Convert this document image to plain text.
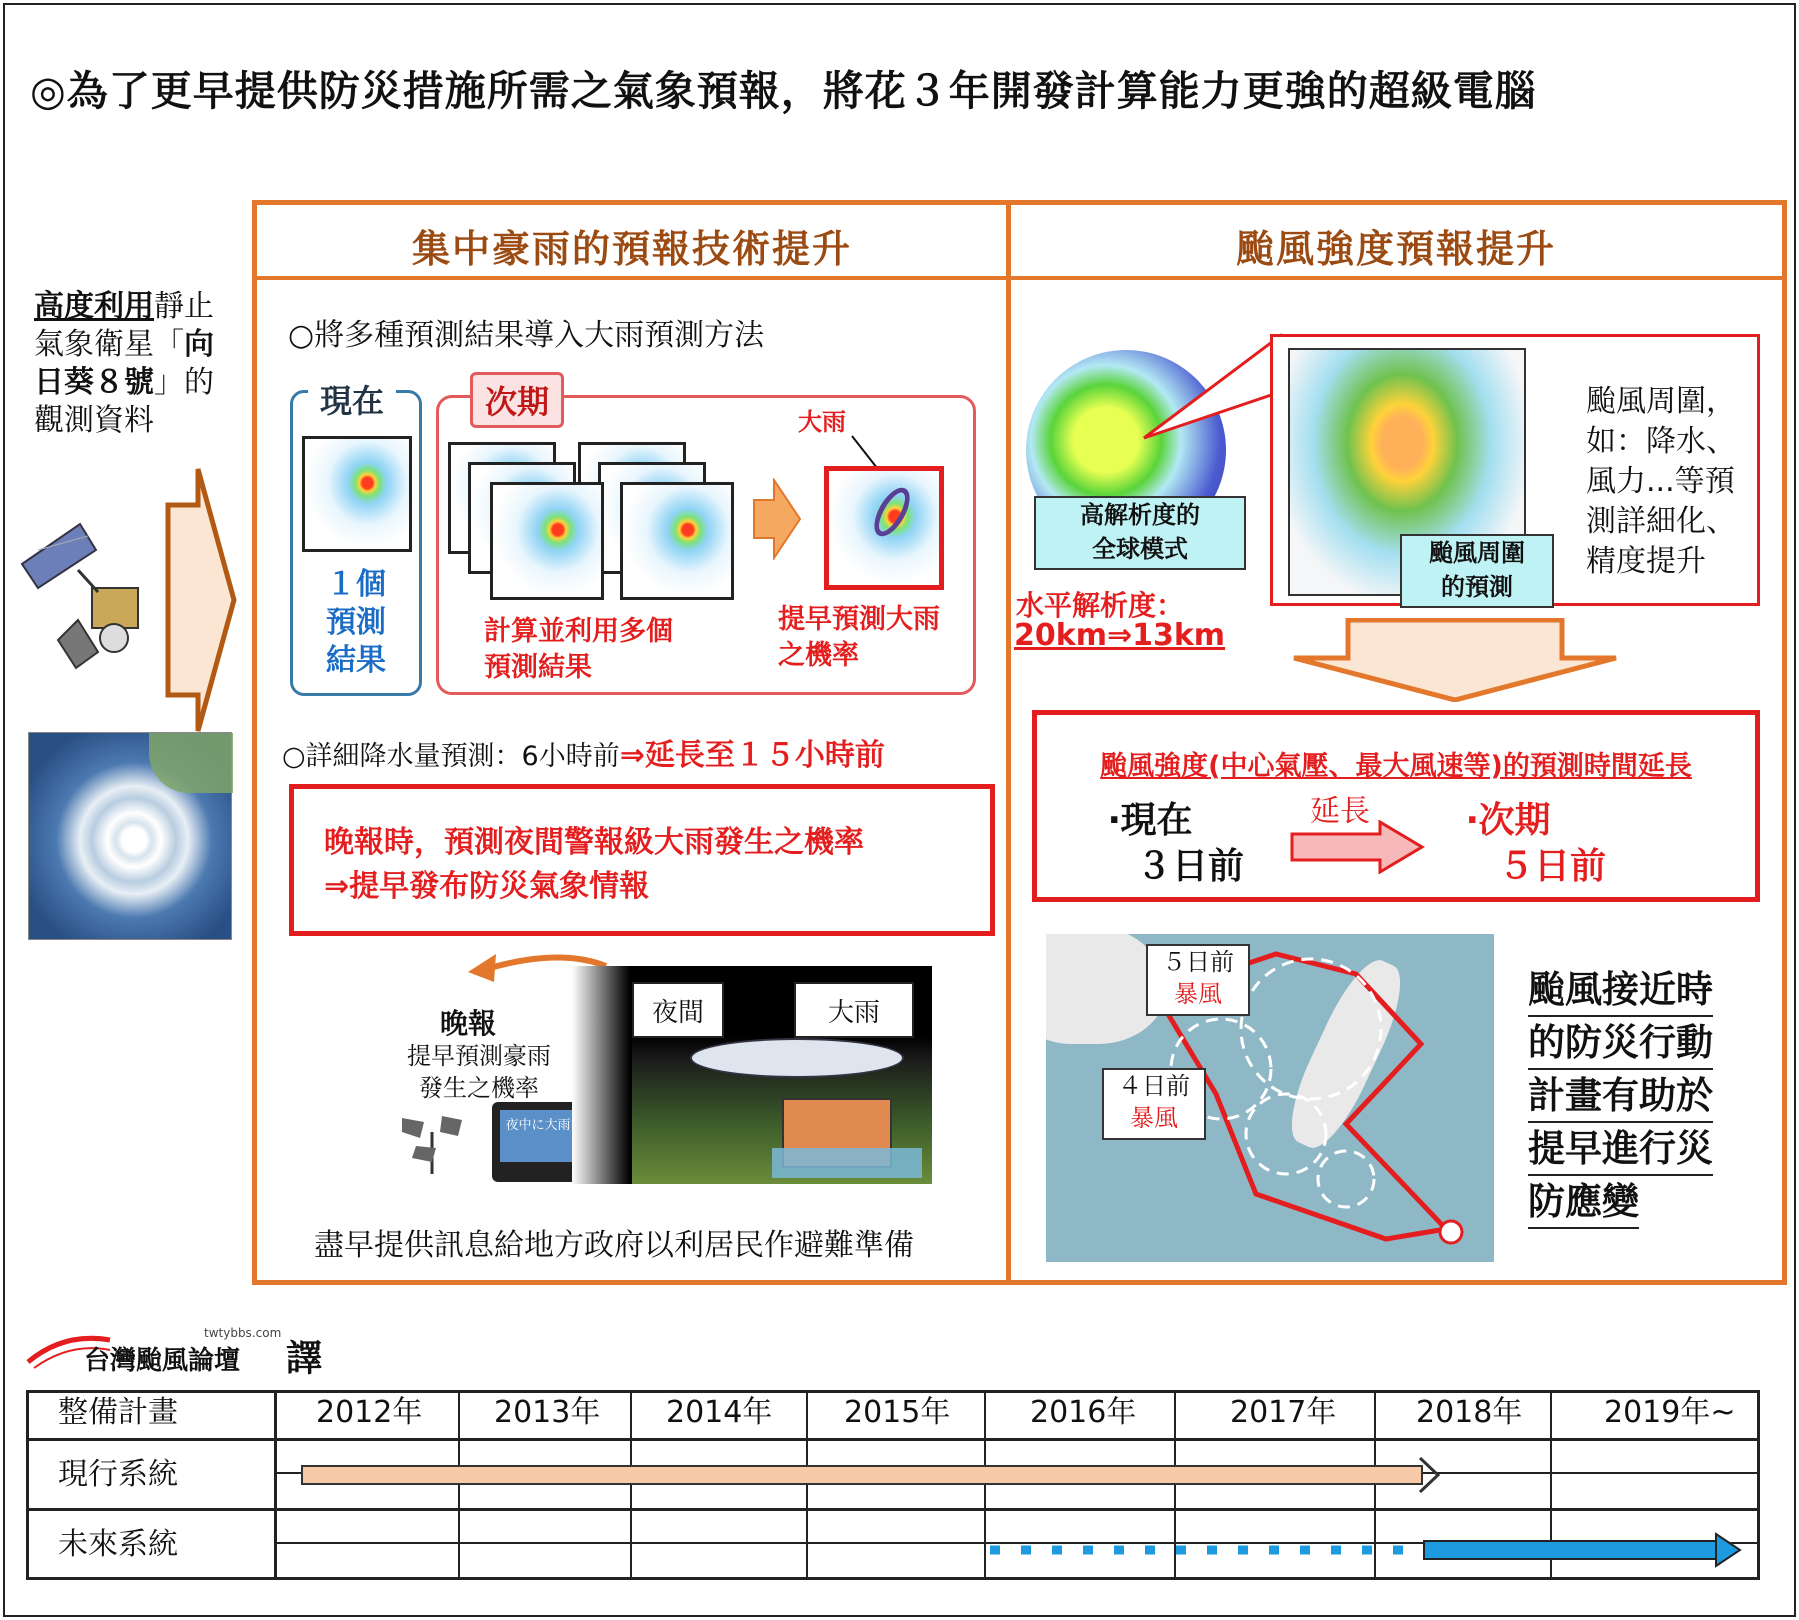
◎為了更早提供防災措施所需之氣象預報，將花３年開發計算能力更強的超級電腦
高度利用靜止氣象衛星「向日葵８號」的觀測資料
集中豪雨的預報技術提升	颱風強度預報提升
○將多種預測結果導入大雨預測方法
現在
１個
預測
結果
次期
計算並利用多個
預測結果
大雨
提早預測大雨
之機率
○詳細降水量預測：6小時前⇒延長至１５小時前
晚報時，預測夜間警報級大雨發生之機率
⇒提早發布防災氣象情報
晚報
提早預測豪雨
發生之機率
夜中に大雨
夜間	大雨
盡早提供訊息給地方政府以利居民作避難準備
高解析度的
全球模式
水平解析度：
20km⇒13km
颱風周圍
的預測
颱風周圍，
如：降水、
風力...等預
測詳細化、
精度提升
颱風強度(中心氣壓、最大風速等)的預測時間延長
‧現在
３日前
延長	‧次期
５日前
５日前
暴風
４日前
暴風
颱風接近時
的防災行動
計畫有助於
提早進行災
防應變
twtybbs.com
台灣颱風論壇 譯
整備計畫	2012年 2013年 2014年 2015年	2016年	2017年	2018年	2019年~
現行系統
未來系統
